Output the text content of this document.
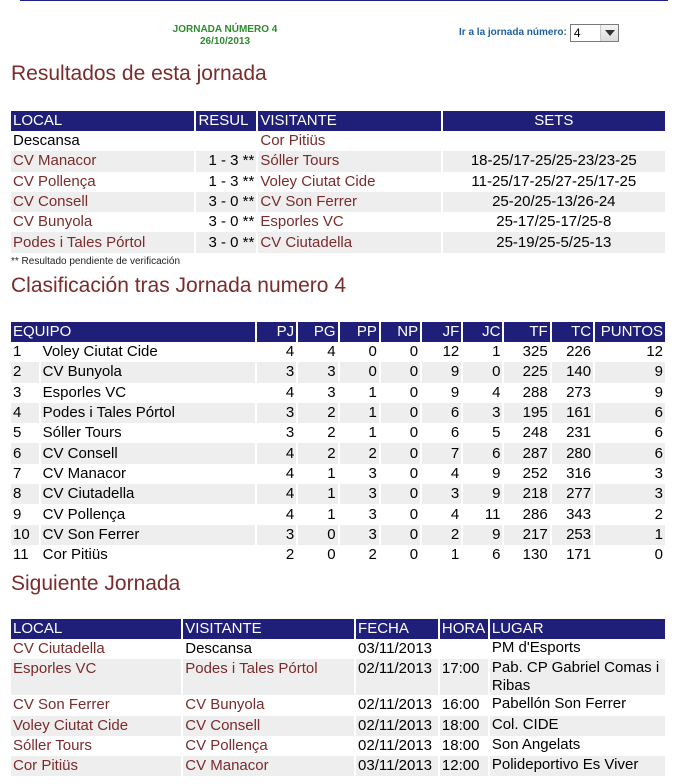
JORNADA NÚMERO 4
26/10/2013
Ir a la jornada número: 4
Resultados de esta jornada
LOCAL	RESUL	VISITANTE	SETS
Descansa		Cor Pitiüs	
CV Manacor	1 - 3 **	Sóller Tours	18-25/17-25/25-23/23-25
CV Pollença	1 - 3 **	Voley Ciutat Cide	11-25/17-25/27-25/17-25
CV Consell	3 - 0 **	CV Son Ferrer	25-20/25-13/26-24
CV Bunyola	3 - 0 **	Esporles VC	25-17/25-17/25-8
Podes i Tales Pórtol	3 - 0 **	CV Ciutadella	25-19/25-5/25-13
** Resultado pendiente de verificación
Clasificación tras Jornada numero 4
EQUIPO		PJ	PG	PP	NP	JF	JC	TF	TC	PUNTOS
1	Voley Ciutat Cide	4	4	0	0	12	1	325	226	12
2	CV Bunyola	3	3	0	0	9	0	225	140	9
3	Esporles VC	4	3	1	0	9	4	288	273	9
4	Podes i Tales Pórtol	3	2	1	0	6	3	195	161	6
5	Sóller Tours	3	2	1	0	6	5	248	231	6
6	CV Consell	4	2	2	0	7	6	287	280	6
7	CV Manacor	4	1	3	0	4	9	252	316	3
8	CV Ciutadella	4	1	3	0	3	9	218	277	3
9	CV Pollença	4	1	3	0	4	11	286	343	2
10	CV Son Ferrer	3	0	3	0	2	9	217	253	1
11	Cor Pitiüs	2	0	2	0	1	6	130	171	0
Siguiente Jornada
LOCAL	VISITANTE	FECHA	HORA	LUGAR
CV Ciutadella	Descansa	03/11/2013		PM d'Esports
Esporles VC	Podes i Tales Pórtol	02/11/2013	17:00	Pab. CP Gabriel Comas i Ribas
CV Son Ferrer	CV Bunyola	02/11/2013	16:00	Pabellón Son Ferrer
Voley Ciutat Cide	CV Consell	02/11/2013	18:00	Col. CIDE
Sóller Tours	CV Pollença	02/11/2013	18:00	Son Angelats
Cor Pitiüs	CV Manacor	03/11/2013	12:00	Polideportivo Es Viver
